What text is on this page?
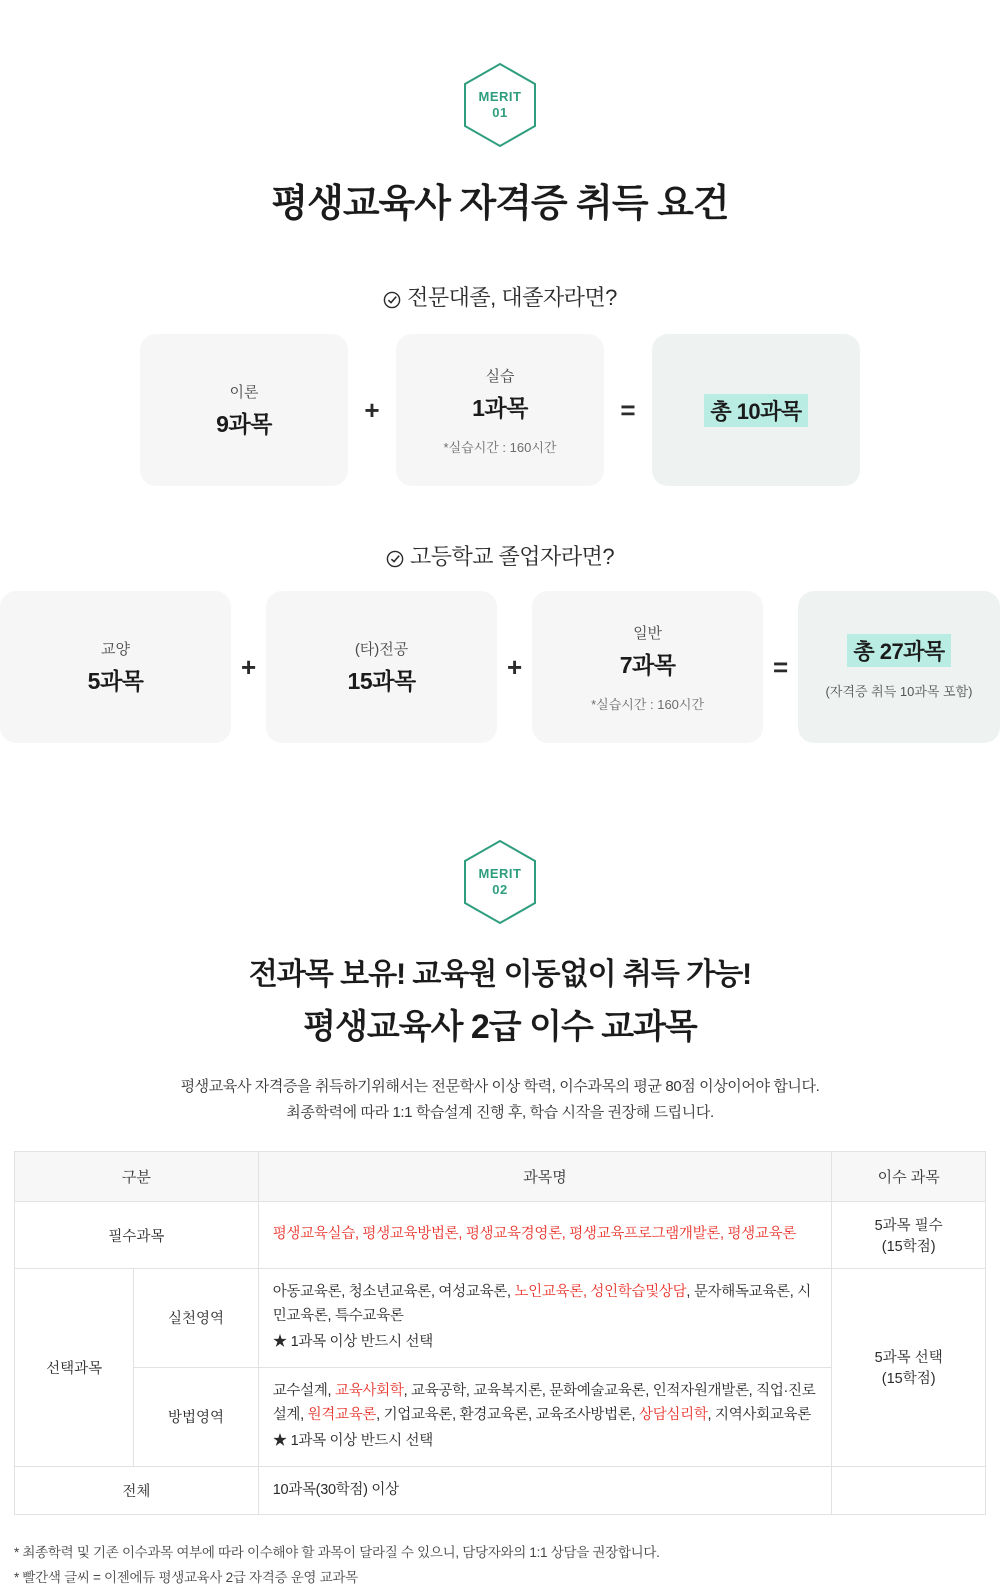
MERIT
01
평생교육사 자격증 취득 요건
전문대졸, 대졸자라면?
이론
9과목	+
실습
1과목
*실습시간 : 160시간
=	총 10과목
고등학교 졸업자라면?
교양
5과목	+
(타)전공
15과목	+
일반
7과목
*실습시간 : 160시간
=	총 27과목
(자격증 취득 10과목 포함)
MERIT
02
전과목 보유! 교육원 이동없이 취득 가능!
평생교육사 2급 이수 교과목
평생교육사 자격증을 취득하기위해서는 전문학사 이상 학력, 이수과목의 평균 80점 이상이어야 합니다.
최종학력에 따라 1:1 학습설계 진행 후, 학습 시작을 권장해 드립니다.
구분		과목명	이수 과목
필수과목		평생교육실습, 평생교육방법론, 평생교육경영론, 평생교육프로그램개발론, 평생교육론	5과목 필수
(15학점)

선택과목	실천영역	아동교육론, 청소년교육론, 여성교육론, 노인교육론, 성인학습및상담, 문자해독교육론, 시민교육론, 특수교육론
★ 1과목 이상 반드시 선택

5과목 선택
(15학점)

	방법영역	교수설계, 교육사회학, 교육공학, 교육복지론, 문화예술교육론, 인적자원개발론, 직업·진로설계, 원격교육론, 기업교육론, 환경교육론, 교육조사방법론, 상담심리학, 지역사회교육론
★ 1과목 이상 반드시 선택	

전체		10과목(30학점) 이상	
* 최종학력 및 기존 이수과목 여부에 따라 이수해야 할 과목이 달라질 수 있으니, 담당자와의 1:1 상담을 권장합니다.
* 빨간색 글씨 = 이젠에듀 평생교육사 2급 자격증 운영 교과목
